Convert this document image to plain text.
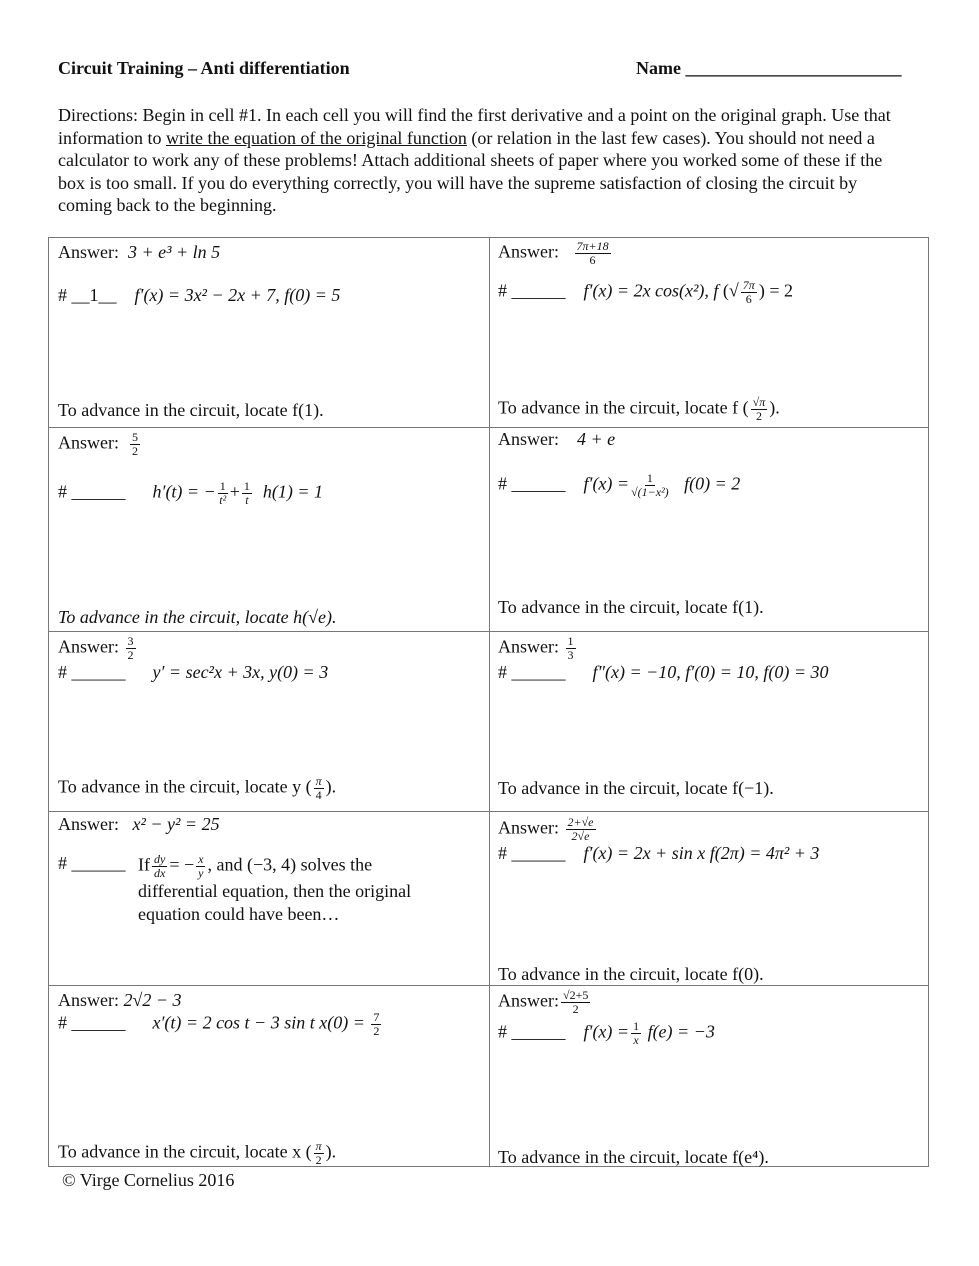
Circuit Training – Anti differentiation	Name ________________________
Directions: Begin in cell #1. In each cell you will find the first derivative and a point on the original graph. Use that information to write the equation of the original function (or relation in the last few cases). You should not need a calculator to work any of these problems! Attach additional sheets of paper where you worked some of these if the box is too small. If you do everything correctly, you will have the supreme satisfaction of closing the circuit by coming back to the beginning.
Answer: 3 + e³ + ln 5
# __1__ f′(x) = 3x² − 2x + 7, f(0) = 5
To advance in the circuit, locate f(1).
Answer: $\frac{7\pi+18}{6}$
# ______ f′(x) = 2x cos(x²), f (√ $\frac{7\pi}{6}$ ) = 2
To advance in the circuit, locate f ( $\frac{√\pi}{2}$ ).
Answer: $\frac{5}{2}$
# ______ h′(t) = − $\frac{1}{\text{t²}} + \frac{1}{t} h(1) = 1$
To advance in the circuit, locate h(√e).
Answer: 4 + e
# ______ $f'(x) = \frac{1}{\text{√(1−x²)}} f(0) = 2$
To advance in the circuit, locate f(1).
Answer: $\frac{3}{2}$
# ______ y′ = sec²x + 3x, y(0) = 3
To advance in the circuit, locate y ( $\frac{\pi}{4}$ ).
Answer: $\frac{1}{3}$
# ______ f″(x) = −10, f′(0) = 10, f(0) = 30
To advance in the circuit, locate f(−1).
Answer: x² − y² = 25
# ______ If $\frac{dy}{dx}$ = − $\frac{x}{y}$ , and (−3, 4) solves the
differential equation, then the original
equation could have been…
Answer: $\frac{2+√e}{2√e}$
# ______ f′(x) = 2x + sin x f(2π) = 4π² + 3
To advance in the circuit, locate f(0).
Answer: 2√2 − 3
# ______ x′(t) = 2 cos t − 3 sin t $x(0) = \frac{7}{2}$
To advance in the circuit, locate x ( $\frac{\pi}{2}$ ).
Answer: $\frac{√2+5}{2}$
# ______ $f'(x) = \frac{1}{x} f(e) = -3$
To advance in the circuit, locate f(e⁴).
© Virge Cornelius 2016
